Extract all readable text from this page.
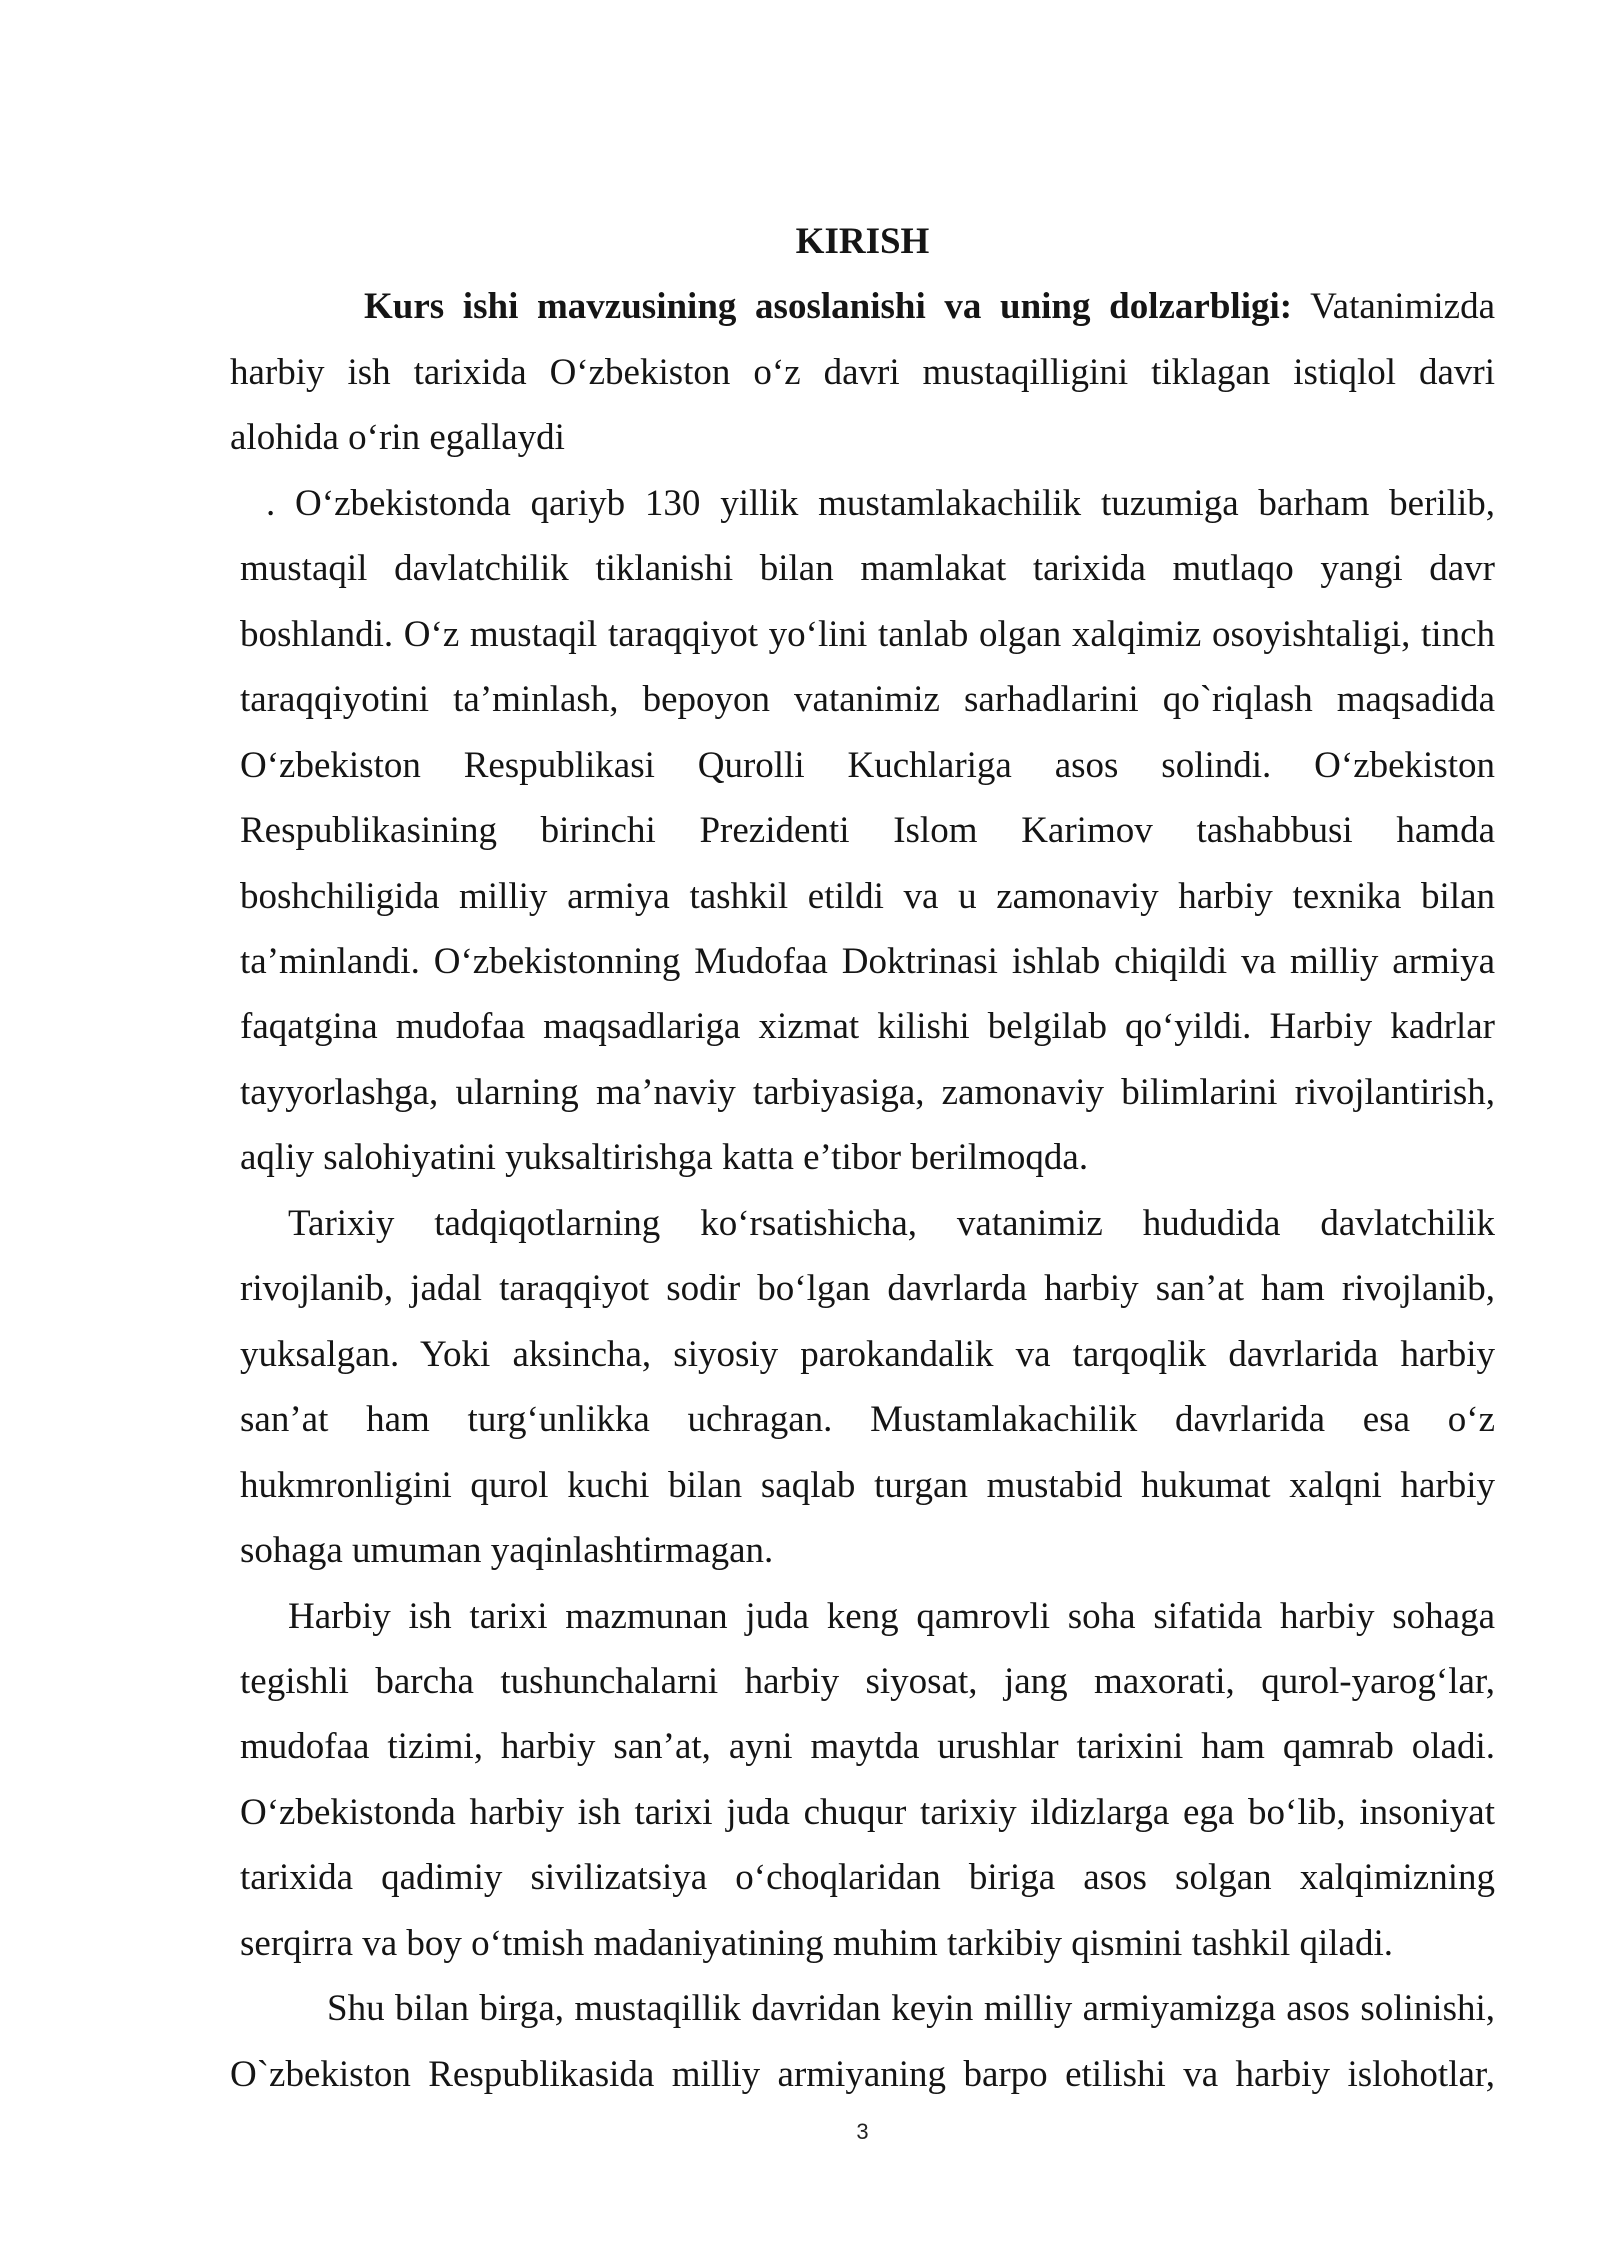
KIRISH
Kurs ishi mavzusining asoslanishi va uning dolzarbligi: Vatanimizda
harbiy ish tarixida O‘zbekiston o‘z davri mustaqilligini tiklagan istiqlol davri
alohida o‘rin egallaydi
. O‘zbekistonda qariyb 130 yillik mustamlakachilik tuzumiga barham berilib,
mustaqil davlatchilik tiklanishi bilan mamlakat tarixida mutlaqo yangi davr
boshlandi. O‘z mustaqil taraqqiyot yo‘lini tanlab olgan xalqimiz osoyishtaligi, tinch
taraqqiyotini ta’minlash, bepoyon vatanimiz sarhadlarini qo`riqlash maqsadida
O‘zbekiston Respublikasi Qurolli Kuchlariga asos solindi. O‘zbekiston
Respublikasining birinchi Prezidenti Islom Karimov tashabbusi hamda
boshchiligida milliy armiya tashkil etildi va u zamonaviy harbiy texnika bilan
ta’minlandi. O‘zbekistonning Mudofaa Doktrinasi ishlab chiqildi va milliy armiya
faqatgina mudofaa maqsadlariga xizmat kilishi belgilab qo‘yildi. Harbiy kadrlar
tayyorlashga, ularning ma’naviy tarbiyasiga, zamonaviy bilimlarini rivojlantirish,
aqliy salohiyatini yuksaltirishga katta e’tibor berilmoqda.
Tarixiy tadqiqotlarning ko‘rsatishicha, vatanimiz hududida davlatchilik
rivojlanib, jadal taraqqiyot sodir bo‘lgan davrlarda harbiy san’at ham rivojlanib,
yuksalgan. Yoki aksincha, siyosiy parokandalik va tarqoqlik davrlarida harbiy
san’at ham turg‘unlikka uchragan. Mustamlakachilik davrlarida esa o‘z
hukmronligini qurol kuchi bilan saqlab turgan mustabid hukumat xalqni harbiy
sohaga umuman yaqinlashtirmagan.
Harbiy ish tarixi mazmunan juda keng qamrovli soha sifatida harbiy sohaga
tegishli barcha tushunchalarni harbiy siyosat, jang maxorati, qurol-yarog‘lar,
mudofaa tizimi, harbiy san’at, ayni maytda urushlar tarixini ham qamrab oladi.
O‘zbekistonda harbiy ish tarixi juda chuqur tarixiy ildizlarga ega bo‘lib, insoniyat
tarixida qadimiy sivilizatsiya o‘choqlaridan biriga asos solgan xalqimizning
serqirra va boy o‘tmish madaniyatining muhim tarkibiy qismini tashkil qiladi.
Shu bilan birga, mustaqillik davridan keyin milliy armiyamizga asos solinishi,
O`zbekiston Respublikasida milliy armiyaning barpo etilishi va harbiy islohotlar,
3
